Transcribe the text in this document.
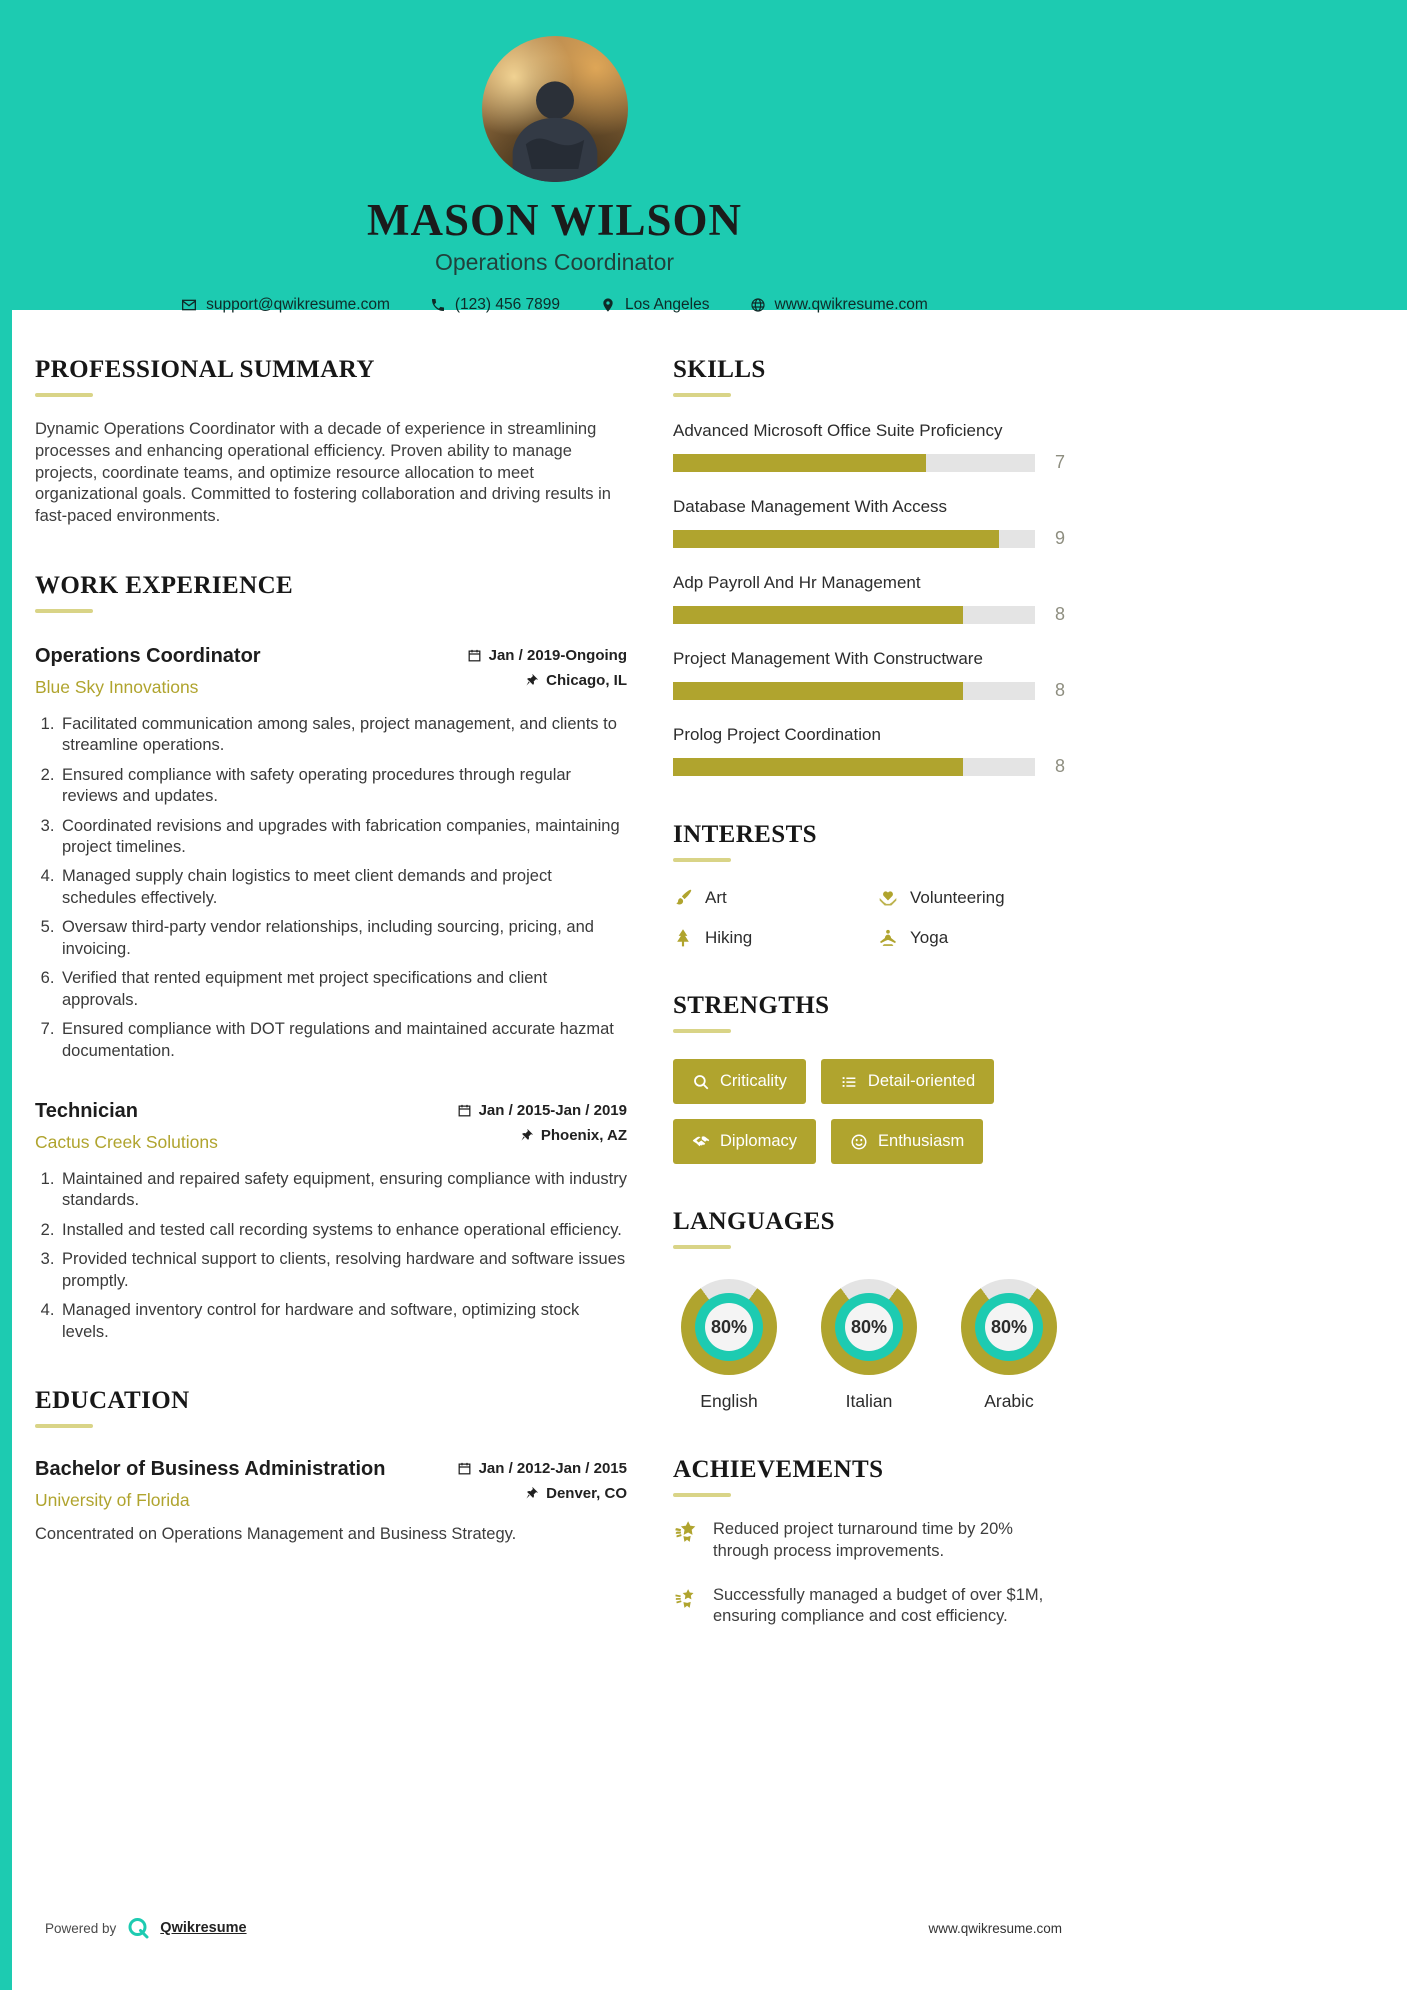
MASON WILSON
Operations Coordinator
support@qwikresume.com	(123) 456 7899	Los Angeles	www.qwikresume.com
PROFESSIONAL SUMMARY
Dynamic Operations Coordinator with a decade of experience in streamlining processes and enhancing operational efficiency. Proven ability to manage projects, coordinate teams, and optimize resource allocation to meet organizational goals. Committed to fostering collaboration and driving results in fast-paced environments.
WORK EXPERIENCE
Operations Coordinator
Blue Sky Innovations
Jan / 2019-Ongoing
Chicago, IL
1. Facilitated communication among sales, project management, and clients to streamline operations.
2. Ensured compliance with safety operating procedures through regular reviews and updates.
3. Coordinated revisions and upgrades with fabrication companies, maintaining project timelines.
4. Managed supply chain logistics to meet client demands and project schedules effectively.
5. Oversaw third-party vendor relationships, including sourcing, pricing, and invoicing.
6. Verified that rented equipment met project specifications and client approvals.
7. Ensured compliance with DOT regulations and maintained accurate hazmat documentation.
Technician
Cactus Creek Solutions
Jan / 2015-Jan / 2019
Phoenix, AZ
1. Maintained and repaired safety equipment, ensuring compliance with industry standards.
2. Installed and tested call recording systems to enhance operational efficiency.
3. Provided technical support to clients, resolving hardware and software issues promptly.
4. Managed inventory control for hardware and software, optimizing stock levels.
EDUCATION
Bachelor of Business Administration
University of Florida
Jan / 2012-Jan / 2015
Denver, CO
Concentrated on Operations Management and Business Strategy.
SKILLS
Advanced Microsoft Office Suite Proficiency
7
Database Management With Access
9
Adp Payroll And Hr Management
8
Project Management With Constructware
8
Prolog Project Coordination
8
INTERESTS
Art	Volunteering
Hiking	Yoga
STRENGTHS
Criticality	Detail-oriented
Diplomacy	Enthusiasm
LANGUAGES
80%
English
80%
Italian
80%
Arabic
ACHIEVEMENTS
Reduced project turnaround time by 20% through process improvements.
Successfully managed a budget of over $1M, ensuring compliance and cost efficiency.
Powered by	Qwikresume	www.qwikresume.com
